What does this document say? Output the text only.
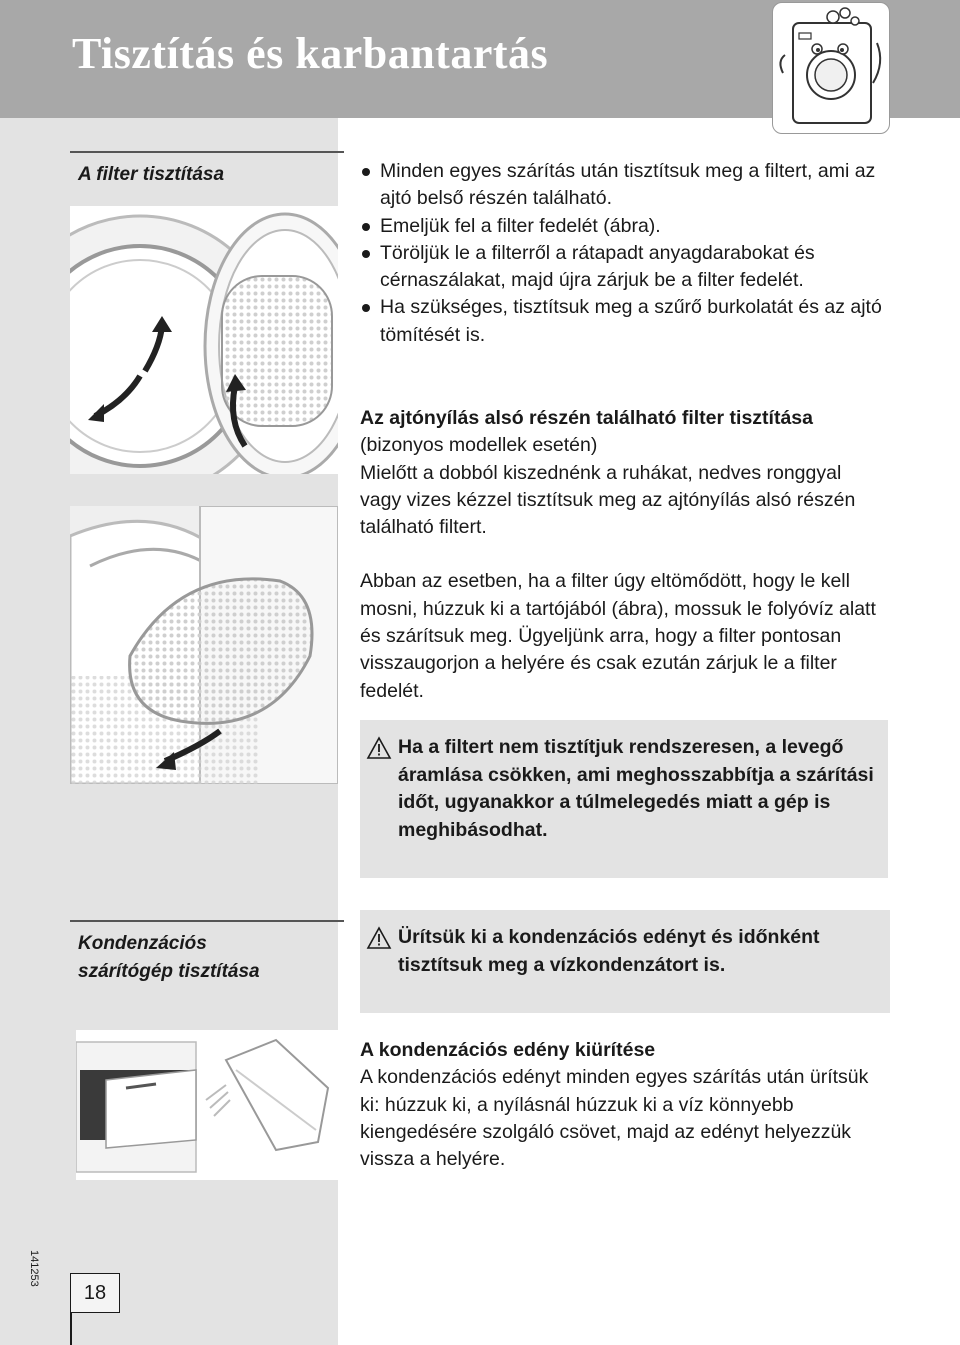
Tisztítás és karbantartás
A filter tisztítása	Minden egyes szárítás után tisztítsuk meg a filtert, ami az ajtó belső részén található.
Emeljük fel a filter fedelét (ábra).
Töröljük le a filterről a rátapadt anyagdarabokat és cérnaszálakat, majd újra zárjuk be a filter fedelét.
Ha szükséges, tisztítsuk meg a szűrő burkolatát és az ajtó tömítését is.

Az ajtónyílás alsó részén található filter tisztítása (bizonyos modellek esetén)

Mielőtt a dobból kiszednénk a ruhákat, nedves ronggyal vagy vizes kézzel tisztítsuk meg az ajtónyílás alsó részén található filtert.

Abban az esetben, ha a filter úgy eltömődött, hogy le kell mosni, húzzuk ki a tartójából (ábra), mossuk le folyóvíz alatt és szárítsuk meg. Ügyeljünk arra, hogy a filter pontosan visszaugorjon a helyére és csak ezután zárjuk le a filter fedelét.

Ha a filtert nem tisztítjuk rendszeresen, a levegő áramlása csökken, ami meghosszabbítja a szárítási időt, ugyanakkor a túlmelegedés miatt a gép is meghibásodhat.
Kondenzációs
szárítógép tisztítása
Ürítsük ki a kondenzációs edényt és időnként tisztítsuk meg a vízkondenzátort is.

A kondenzációs edény kiürítése

A kondenzációs edényt minden egyes szárítás után ürítsük ki: húzzuk ki, a nyílásnál húzzuk ki a víz könnyebb kiengedésére szolgáló csövet, majd az edényt helyezzük vissza a helyére.

141253
18
